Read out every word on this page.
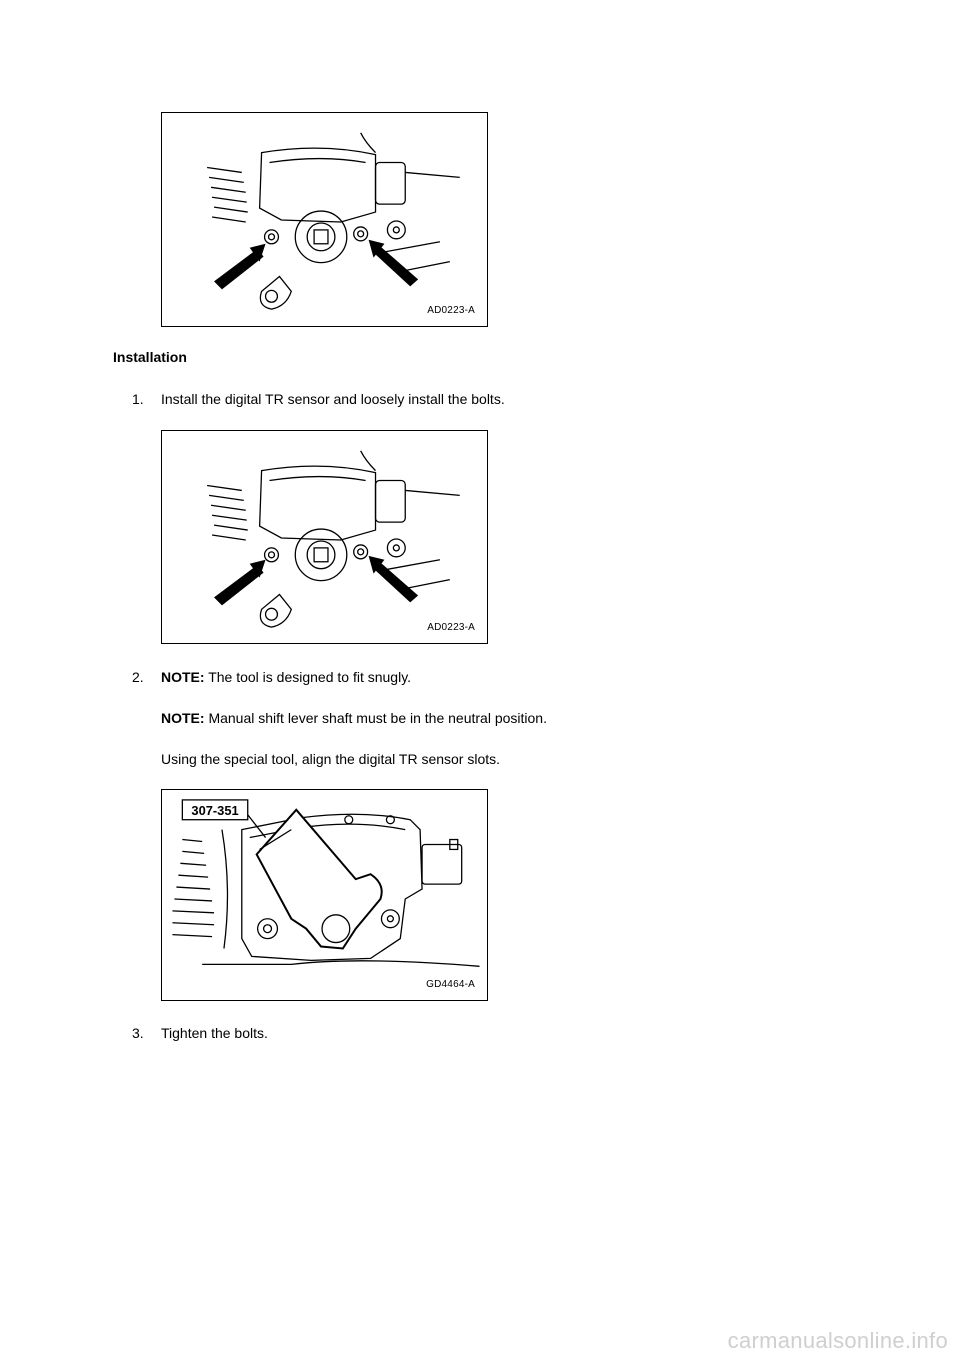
AD0223-A
Installation
1. Install the digital TR sensor and loosely install the bolts.
AD0223-A
2. NOTE: The tool is designed to fit snugly.
NOTE: Manual shift lever shaft must be in the neutral position.
Using the special tool, align the digital TR sensor slots.
307-351
GD4464-A
3. Tighten the bolts.
carmanualsonline.info
